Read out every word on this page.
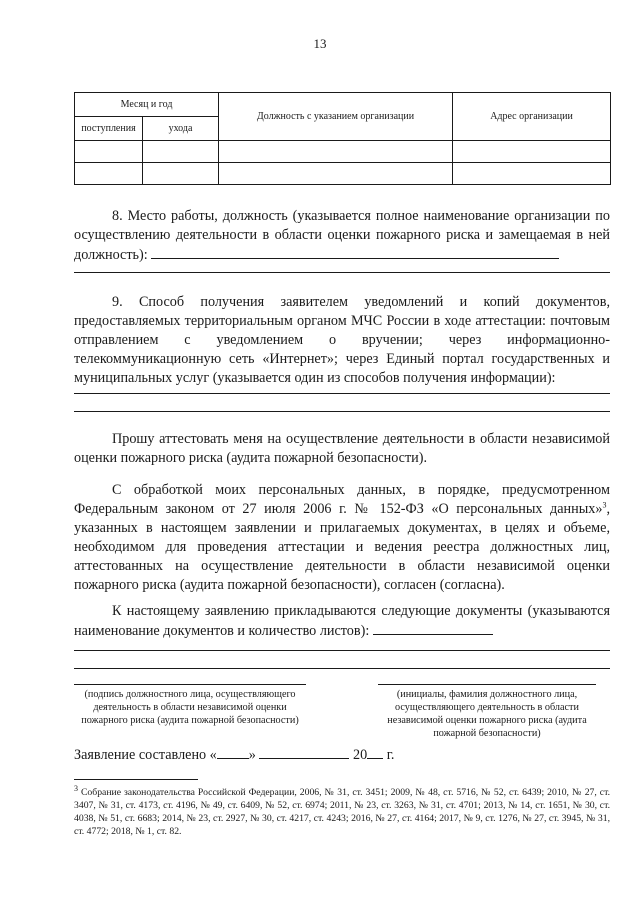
13
Месяц и год		Должность с указанием организации	Адрес организации
поступления	ухода		

8. Место работы, должность (указывается полное наименование организации по осуществлению деятельности в области оценки пожарного риска и замещаемая в ней должность):

9. Способ получения заявителем уведомлений и копий документов, предоставляемых территориальным органом МЧС России в ходе аттестации: почтовым отправлением с уведомлением о вручении; через информационно-телекоммуникационную сеть «Интернет»; через Единый портал государственных и муниципальных услуг (указывается один из способов получения информации):

Прошу аттестовать меня на осуществление деятельности в области независимой оценки пожарного риска (аудита пожарной безопасности).

С обработкой моих персональных данных, в порядке, предусмотренном Федеральным законом от 27 июля 2006 г. № 152-ФЗ «О персональных данных»$^3$, указанных в настоящем заявлении и прилагаемых документах, в целях и объеме, необходимом для проведения аттестации и ведения реестра должностных лиц, аттестованных на осуществление деятельности в области независимой оценки пожарного риска (аудита пожарной безопасности), согласен (согласна).

К настоящему заявлению прикладываются следующие документы (указываются наименование документов и количество листов):

(подпись должностного лица, осуществляющего деятельность в области независимой оценки пожарного риска (аудита пожарной безопасности)

(инициалы, фамилия должностного лица, осуществляющего деятельность в области независимой оценки пожарного риска (аудита пожарной безопасности)

Заявление составлено « »	20 г.

$^3$ Собрание законодательства Российской Федерации, 2006, № 31, ст. 3451; 2009, № 48, ст. 5716, № 52, ст. 6439; 2010, № 27, ст. 3407, № 31, ст. 4173, ст. 4196, № 49, ст. 6409, № 52, ст. 6974; 2011, № 23, ст. 3263, № 31, ст. 4701; 2013, № 14, ст. 1651, № 30, ст. 4038, № 51, ст. 6683; 2014, № 23, ст. 2927, № 30, ст. 4217, ст. 4243; 2016, № 27, ст. 4164; 2017, № 9, ст. 1276, № 27, ст. 3945, № 31, ст. 4772; 2018, № 1, ст. 82.
